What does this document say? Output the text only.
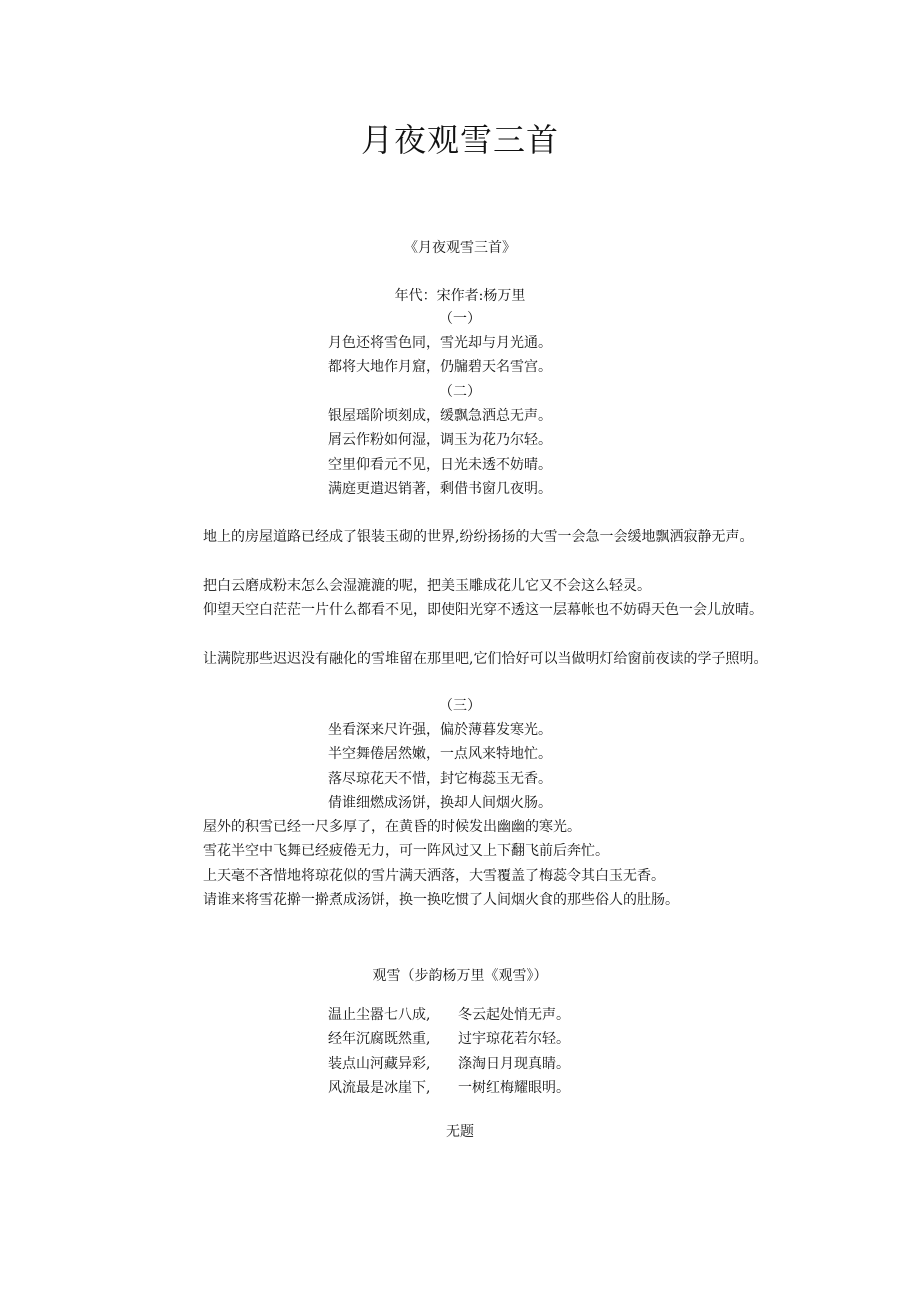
月夜观雪三首
《月夜观雪三首》
年代：宋作者:杨万里
（一）
月色还将雪色同，雪光却与月光通。
都将大地作月窟，仍牖碧天名雪宫。
（二）
银屋瑶阶顷刻成，缓飘急洒总无声。
屑云作粉如何湿，调玉为花乃尔轻。
空里仰看元不见，日光未透不妨晴。
满庭更遣迟销著，剩借书窗几夜明。
地上的房屋道路已经成了银装玉砌的世界,纷纷扬扬的大雪一会急一会缓地飘洒寂静无声。
把白云磨成粉末怎么会湿漉漉的呢，把美玉雕成花儿它又不会这么轻灵。
仰望天空白茫茫一片什么都看不见，即使阳光穿不透这一层幕帐也不妨碍天色一会儿放晴。
让满院那些迟迟没有融化的雪堆留在那里吧,它们恰好可以当做明灯给窗前夜读的学子照明。
（三）
坐看深来尺许强，偏於薄暮发寒光。
半空舞倦居然嫩，一点风来特地忙。
落尽琼花天不惜，封它梅蕊玉无香。
倩谁细燃成汤饼，换却人间烟火肠。
屋外的积雪已经一尺多厚了，在黄昏的时候发出幽幽的寒光。
雪花半空中飞舞已经疲倦无力，可一阵风过又上下翻飞前后奔忙。
上天毫不吝惜地将琼花似的雪片满天洒落，大雪覆盖了梅蕊令其白玉无香。
请谁来将雪花擀一擀煮成汤饼，换一换吃惯了人间烟火食的那些俗人的肚肠。
观雪（步韵杨万里《观雪》）
温止尘嚣七八成, 冬云起处悄无声。
经年沉腐既然重, 过宇琼花若尔轻。
装点山河藏异彩, 涤淘日月现真睛。
风流最是冰崖下, 一树红梅耀眼明。
无题
